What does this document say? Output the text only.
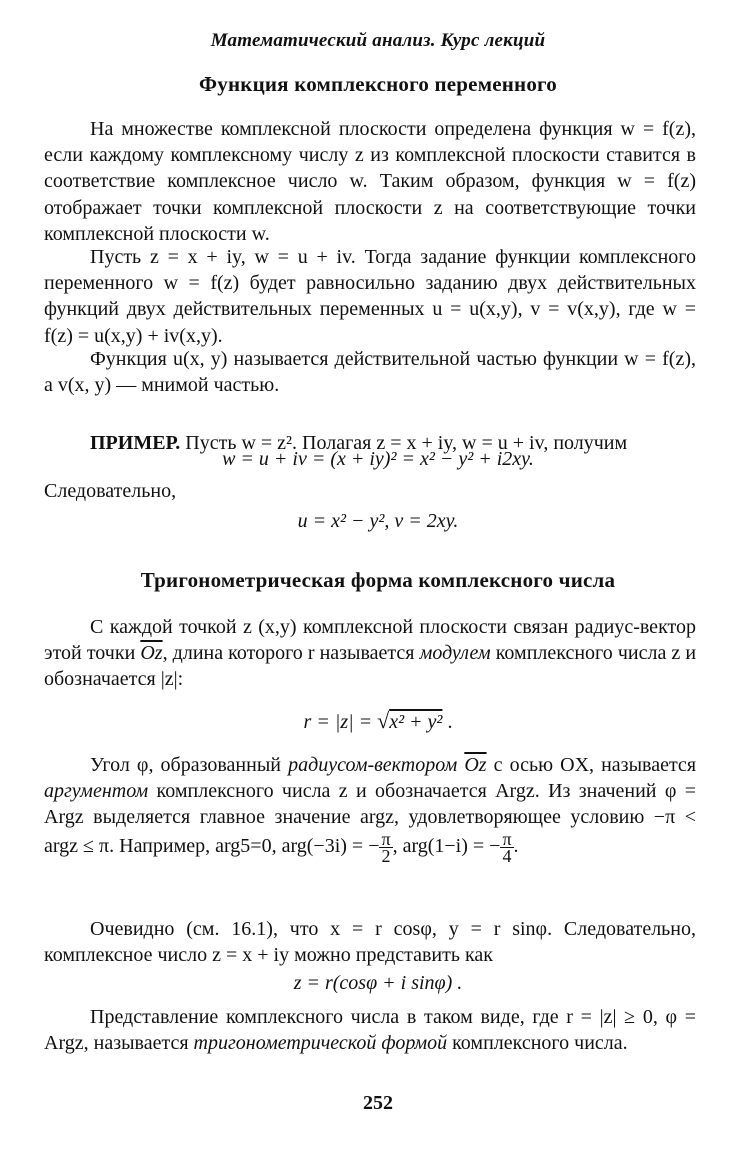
Математический анализ. Курс лекций
Функция комплексного переменного
На множестве комплексной плоскости определена функция w = f(z), если каждому комплексному числу z из комплексной плоскости ставится в соответствие комплексное число w. Таким образом, функция w = f(z) отображает точки комплексной плоскости z на соответствующие точки комплексной плоскости w.
Пусть z = x + iy, w = u + iv. Тогда задание функции комплексного переменного w = f(z) будет равносильно заданию двух действительных функций двух действительных переменных u = u(x,y), v = v(x,y), где w = f(z) = u(x,y) + iv(x,y).
Функция u(x, y) называется действительной частью функции w = f(z), а v(x, y) — мнимой частью.
ПРИМЕР. Пусть w = z². Полагая z = x + iy, w = u + iv, получим
w = u + iv = (x + iy)² = x² − y² + i2xy.
Следовательно,
u = x² − y², v = 2xy.
Тригонометрическая форма комплексного числа
С каждой точкой z (x,y) комплексной плоскости связан радиус-вектор этой точки $\overline{Oz}$, длина которого r называется модулем комплексного числа z и обозначается |z|:
r = |z| = √x² + y² .
Угол φ, образованный радиусом-вектором $\overline{Oz}$ с осью OX, называется аргументом комплексного числа z и обозначается Argz. Из значений φ = Argz выделяется главное значение argz, удовлетворяющее условию −π < argz ≤ π. Например, arg5=0, arg(−3i) = − $\frac{\pi}{2}$ , arg(1−i) = − $\frac{\pi}{4}$ .
Очевидно (см. 16.1), что x = r cosφ, y = r sinφ. Следовательно, комплексное число z = x + iy можно представить как
z = r(cosφ + i sinφ) .
Представление комплексного числа в таком виде, где r = |z| ≥ 0, φ = Argz, называется тригонометрической формой комплексного числа.
252
